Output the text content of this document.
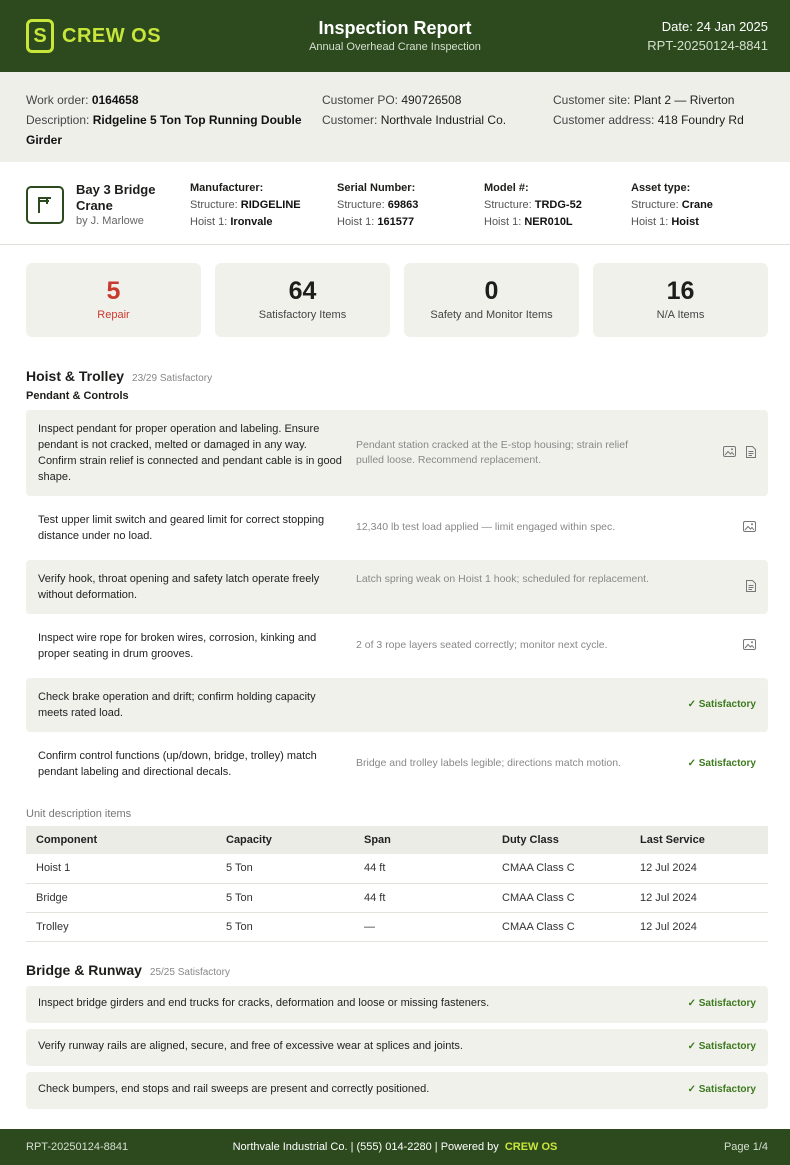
S CREW OS	Inspection Report
Annual Overhead Crane Inspection
Date: 24 Jan 2025
RPT-20250124-8841
Work order: 0164658
Description: Ridgeline 5 Ton Top Running Double Girder
Customer PO: 490726508
Customer: Northvale Industrial Co.
Customer site: Plant 2 — Riverton
Customer address: 418 Foundry Rd
Bay 3 Bridge Crane
by J. Marlowe
Manufacturer:
Structure: RIDGELINE
Hoist 1: Ironvale
Serial Number:
Structure: 69863
Hoist 1: 161577
Model #:
Structure: TRDG-52
Hoist 1: NER010L
Asset type:
Structure: Crane
Hoist 1: Hoist
5
Repair
64
Satisfactory Items
0
Safety and Monitor Items
16
N/A Items
Hoist & Trolley 23/29 Satisfactory
Pendant & Controls
Inspect pendant for proper operation and labeling. Ensure pendant is not cracked, melted or damaged in any way. Confirm strain relief is connected and pendant cable is in good shape.
Pendant station cracked at the E-stop housing; strain relief pulled loose. Recommend replacement.
Test upper limit switch and geared limit for correct stopping distance under no load.
12,340 lb test load applied — limit engaged within spec.
Verify hook, throat opening and safety latch operate freely without deformation.
Latch spring weak on Hoist 1 hook; scheduled for replacement.
Inspect wire rope for broken wires, corrosion, kinking and proper seating in drum grooves.
2 of 3 rope layers seated correctly; monitor next cycle.
Check brake operation and drift; confirm holding capacity meets rated load.
✓ Satisfactory
Confirm control functions (up/down, bridge, trolley) match pendant labeling and directional decals.
Bridge and trolley labels legible; directions match motion.	✓ Satisfactory
Unit description items
Component	Capacity	Span	Duty Class	Last Service
Hoist 1	5 Ton	44 ft	CMAA Class C	12 Jul 2024
Bridge	5 Ton	44 ft	CMAA Class C	12 Jul 2024
Trolley	5 Ton	—	CMAA Class C	12 Jul 2024
Bridge & Runway 25/25 Satisfactory
Inspect bridge girders and end trucks for cracks, deformation and loose or missing fasteners.	✓ Satisfactory
Verify runway rails are aligned, secure, and free of excessive wear at splices and joints.	✓ Satisfactory
Check bumpers, end stops and rail sweeps are present and correctly positioned.	✓ Satisfactory
RPT-20250124-8841	Northvale Industrial Co. | (555) 014-2280 | Powered by CREW OS	Page 1/4
